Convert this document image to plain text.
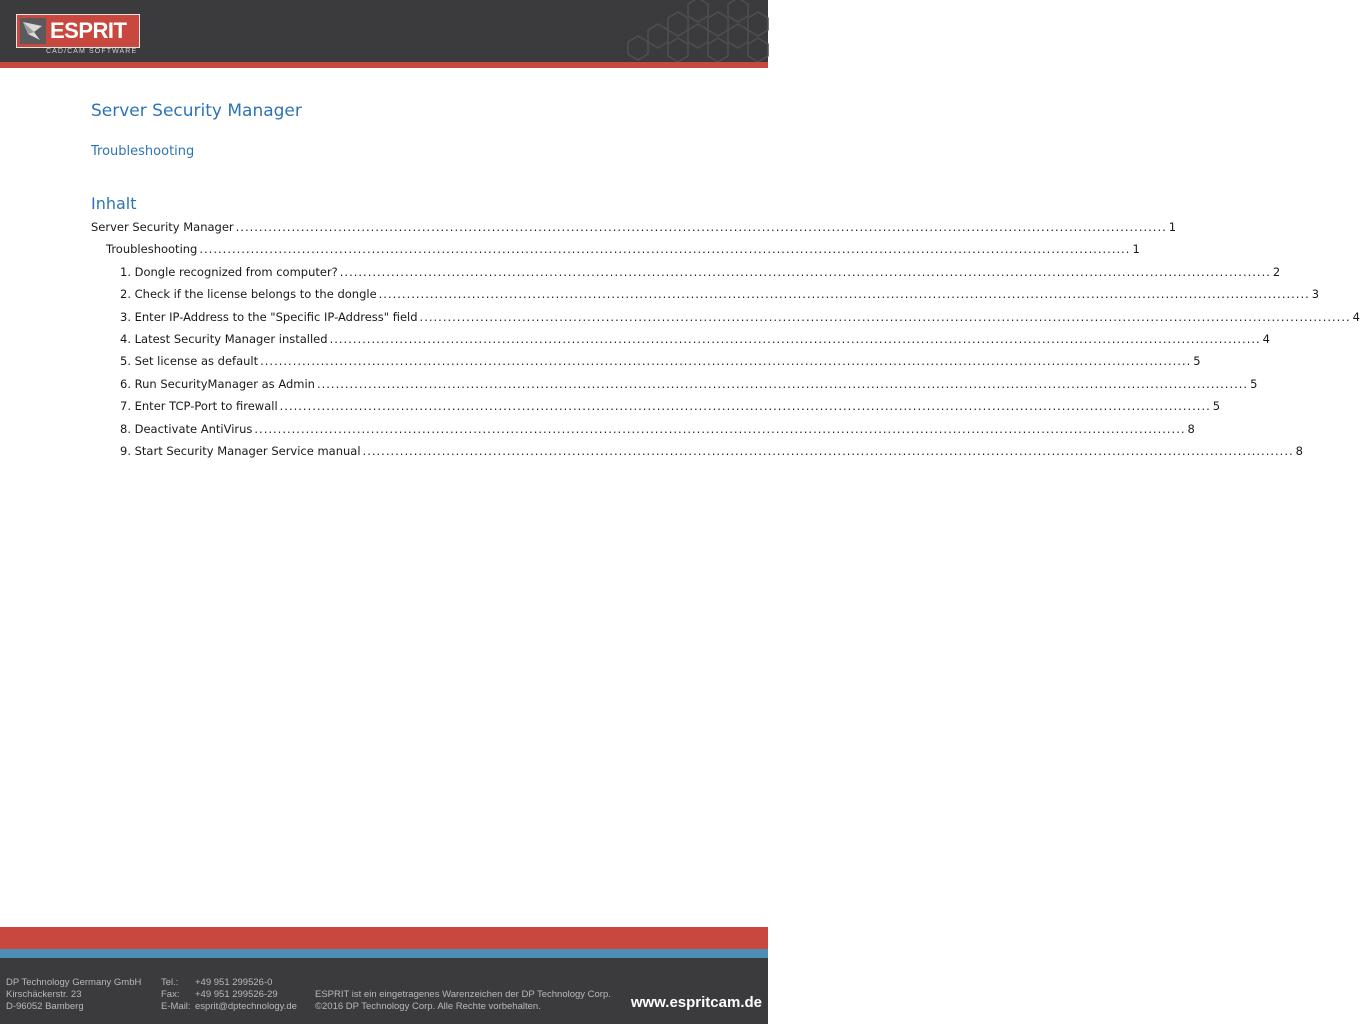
ESPRIT
CAD/CAM SOFTWARE
Server Security Manager
Troubleshooting
Inhalt
Server Security Manager ........................................................................................................................................................................................................ 1
Troubleshooting ........................................................................................................................................................................................................ 1
1. Dongle recognized from computer? ........................................................................................................................................................................................................ 2
2. Check if the license belongs to the dongle ........................................................................................................................................................................................................ 3
3. Enter IP-Address to the "Specific IP-Address" field ........................................................................................................................................................................................................ 4
4. Latest Security Manager installed ........................................................................................................................................................................................................ 4
5. Set license as default ........................................................................................................................................................................................................ 5
6. Run SecurityManager as Admin ........................................................................................................................................................................................................ 5
7. Enter TCP-Port to firewall ........................................................................................................................................................................................................ 5
8. Deactivate AntiVirus ........................................................................................................................................................................................................ 8
9. Start Security Manager Service manual ........................................................................................................................................................................................................ 8
DP Technology Germany GmbH
Kirschäckerstr. 23
D-96052 Bamberg
Tel.:
Fax:
E-Mail:
+49 951 299526-0
+49 951 299526-29
esprit@dptechnology.de
ESPRIT ist ein eingetragenes Warenzeichen der DP Technology Corp.
©2016 DP Technology Corp. Alle Rechte vorbehalten.	www.espritcam.de
